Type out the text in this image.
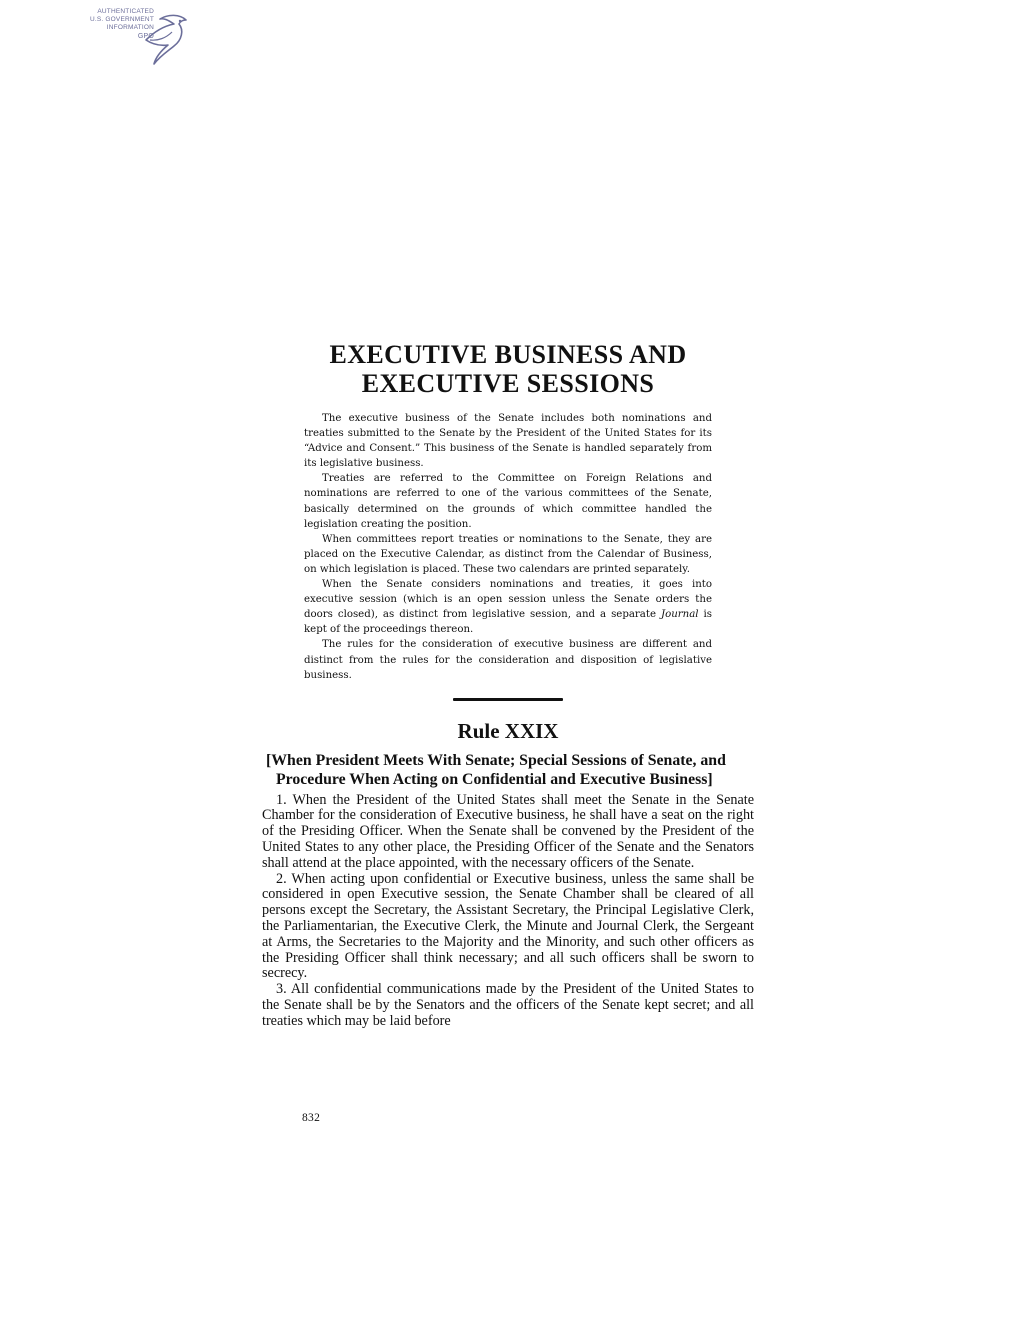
AUTHENTICATED
U.S. GOVERNMENT
INFORMATION
GPO
EXECUTIVE BUSINESS AND
EXECUTIVE SESSIONS

The executive business of the Senate includes both nominations and treaties submitted to the Senate by the President of the United States for its “Advice and Consent.” This business of the Senate is handled separately from its legislative business.

Treaties are referred to the Committee on Foreign Relations and nominations are referred to one of the various committees of the Senate, basically determined on the grounds of which committee handled the legislation creating the position.

When committees report treaties or nominations to the Senate, they are placed on the Executive Calendar, as distinct from the Calendar of Business, on which legislation is placed. These two calendars are printed separately.

When the Senate considers nominations and treaties, it goes into executive session (which is an open session unless the Senate orders the doors closed), as distinct from legislative session, and a separate Journal is kept of the proceedings thereon.

The rules for the consideration of executive business are different and distinct from the rules for the consideration and disposition of legislative business.

Rule XXIX
[When President Meets With Senate; Special Sessions of Senate, and Procedure When Acting on Confidential and Executive Business]

1. When the President of the United States shall meet the Senate in the Senate Chamber for the consideration of Executive business, he shall have a seat on the right of the Presiding Officer. When the Senate shall be convened by the President of the United States to any other place, the Presiding Officer of the Senate and the Senators shall attend at the place appointed, with the necessary officers of the Senate.

2. When acting upon confidential or Executive business, unless the same shall be considered in open Executive session, the Senate Chamber shall be cleared of all persons except the Secretary, the Assistant Secretary, the Principal Legislative Clerk, the Parliamentarian, the Executive Clerk, the Minute and Journal Clerk, the Sergeant at Arms, the Secretaries to the Majority and the Minority, and such other officers as the Presiding Officer shall think necessary; and all such officers shall be sworn to secrecy.

3. All confidential communications made by the President of the United States to the Senate shall be by the Senators and the officers of the Senate kept secret; and all treaties which may be laid before

832
